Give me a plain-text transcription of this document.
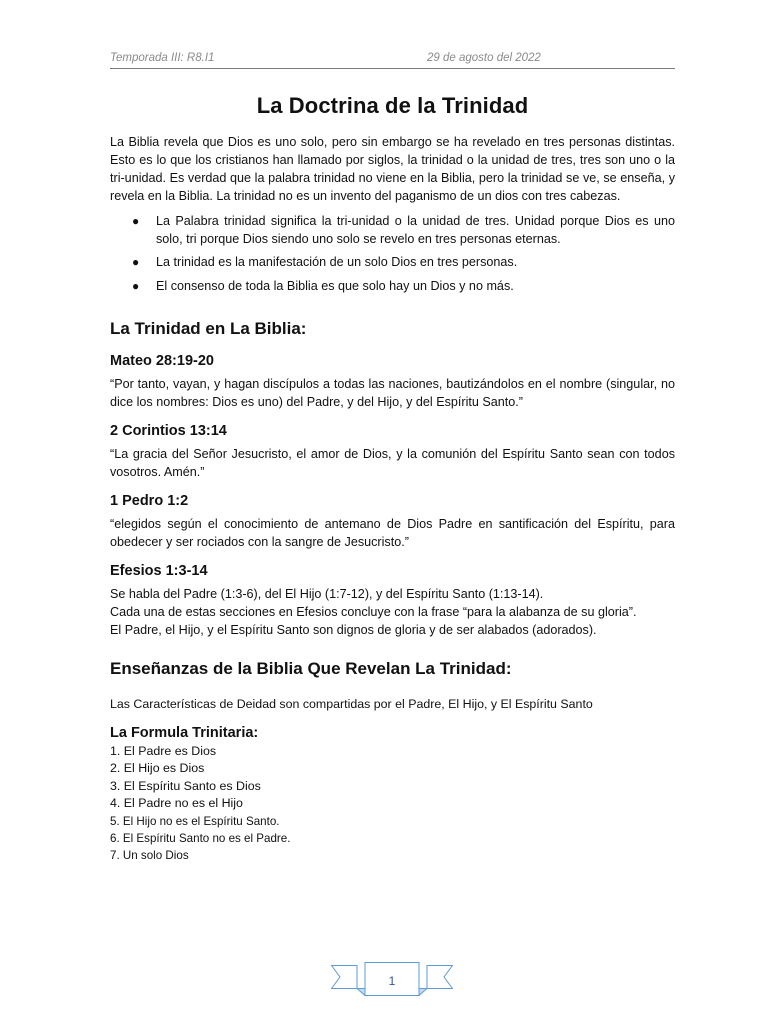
Temporada III: R8.I1	29 de agosto del 2022
La Doctrina de la Trinidad

La Biblia revela que Dios es uno solo, pero sin embargo se ha revelado en tres personas distintas. Esto es lo que los cristianos han llamado por siglos, la trinidad o la unidad de tres, tres son uno o la tri-unidad. Es verdad que la palabra trinidad no viene en la Biblia, pero la trinidad se ve, se enseña, y revela en la Biblia. La trinidad no es un invento del paganismo de un dios con tres cabezas.

● La Palabra trinidad significa la tri-unidad o la unidad de tres. Unidad porque Dios es uno solo, tri porque Dios siendo uno solo se revelo en tres personas eternas.
● La trinidad es la manifestación de un solo Dios en tres personas.
● El consenso de toda la Biblia es que solo hay un Dios y no más.
La Trinidad en La Biblia:
Mateo 28:19-20

“Por tanto, vayan, y hagan discípulos a todas las naciones, bautizándolos en el nombre (singular, no dice los nombres: Dios es uno) del Padre, y del Hijo, y del Espíritu Santo.”

2 Corintios 13:14

“La gracia del Señor Jesucristo, el amor de Dios, y la comunión del Espíritu Santo sean con todos vosotros. Amén.”

1 Pedro 1:2

“elegidos según el conocimiento de antemano de Dios Padre en santificación del Espíritu, para obedecer y ser rociados con la sangre de Jesucristo.”

Efesios 1:3-14

Se habla del Padre (1:3-6), del El Hijo (1:7-12), y del Espíritu Santo (1:13-14).

Cada una de estas secciones en Efesios concluye con la frase “para la alabanza de su gloria”.

El Padre, el Hijo, y el Espíritu Santo son dignos de gloria y de ser alabados (adorados).

Enseñanzas de la Biblia Que Revelan La Trinidad:

Las Características de Deidad son compartidas por el Padre, El Hijo, y El Espíritu Santo

La Formula Trinitaria:
1. El Padre es Dios
2. El Hijo es Dios
3. El Espíritu Santo es Dios
4. El Padre no es el Hijo
5. El Hijo no es el Espíritu Santo.
6. El Espíritu Santo no es el Padre.
7. Un solo Dios
1
